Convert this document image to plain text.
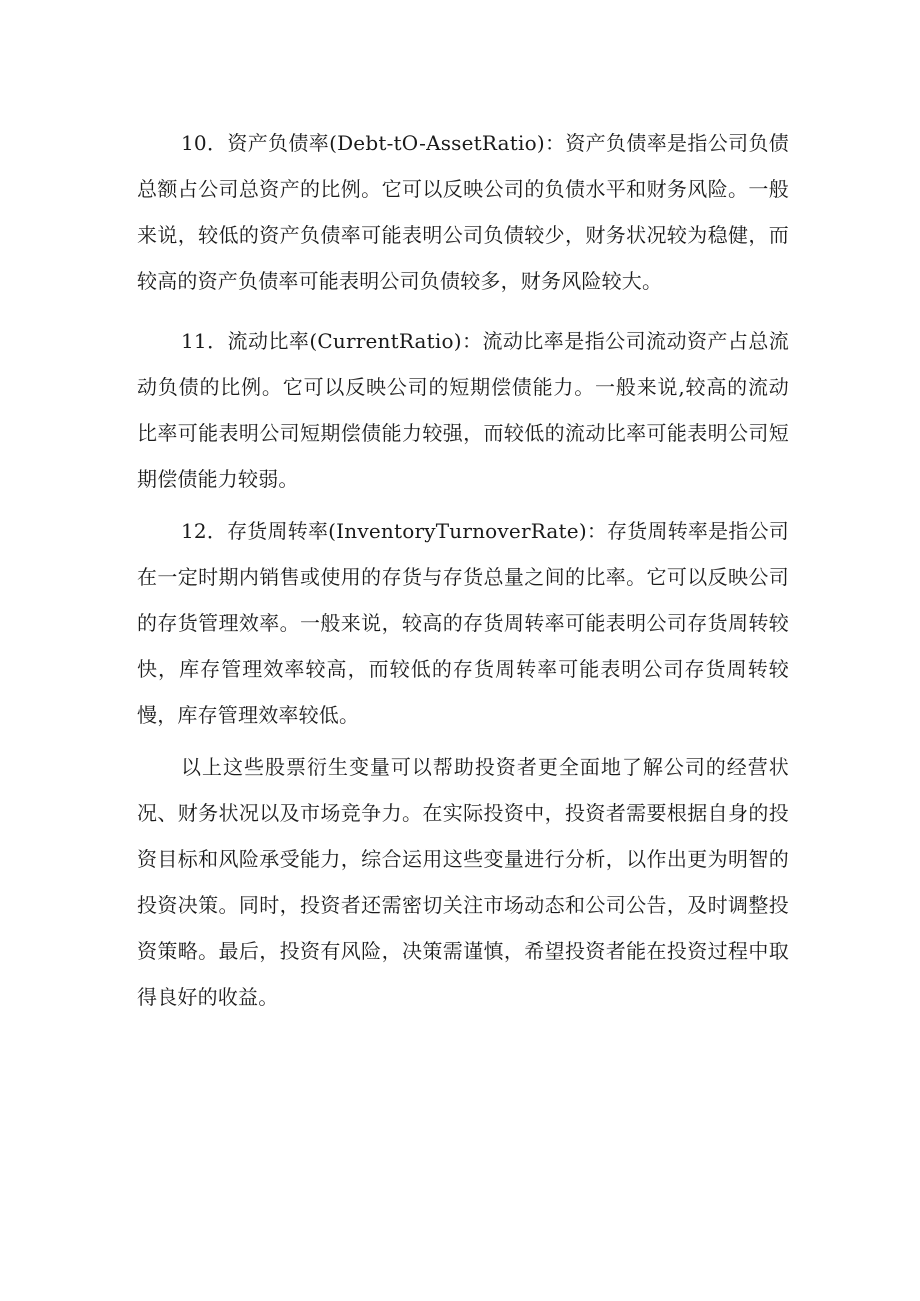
10．资产负债率(Debt-tO-AssetRatio)：资产负债率是指公司负债总额占公司总资产的比例。它可以反映公司的负债水平和财务风险。一般来说，较低的资产负债率可能表明公司负债较少，财务状况较为稳健，而较高的资产负债率可能表明公司负债较多，财务风险较大。

11．流动比率(CurrentRatio)：流动比率是指公司流动资产占总流动负债的比例。它可以反映公司的短期偿债能力。一般来说,较高的流动比率可能表明公司短期偿债能力较强，而较低的流动比率可能表明公司短期偿债能力较弱。

12．存货周转率(InventoryTurnoverRate)：存货周转率是指公司在一定时期内销售或使用的存货与存货总量之间的比率。它可以反映公司的存货管理效率。一般来说，较高的存货周转率可能表明公司存货周转较快，库存管理效率较高，而较低的存货周转率可能表明公司存货周转较慢，库存管理效率较低。

以上这些股票衍生变量可以帮助投资者更全面地了解公司的经营状况、财务状况以及市场竞争力。在实际投资中，投资者需要根据自身的投资目标和风险承受能力，综合运用这些变量进行分析，以作出更为明智的投资决策。同时，投资者还需密切关注市场动态和公司公告，及时调整投资策略。最后，投资有风险，决策需谨慎，希望投资者能在投资过程中取得良好的收益。
